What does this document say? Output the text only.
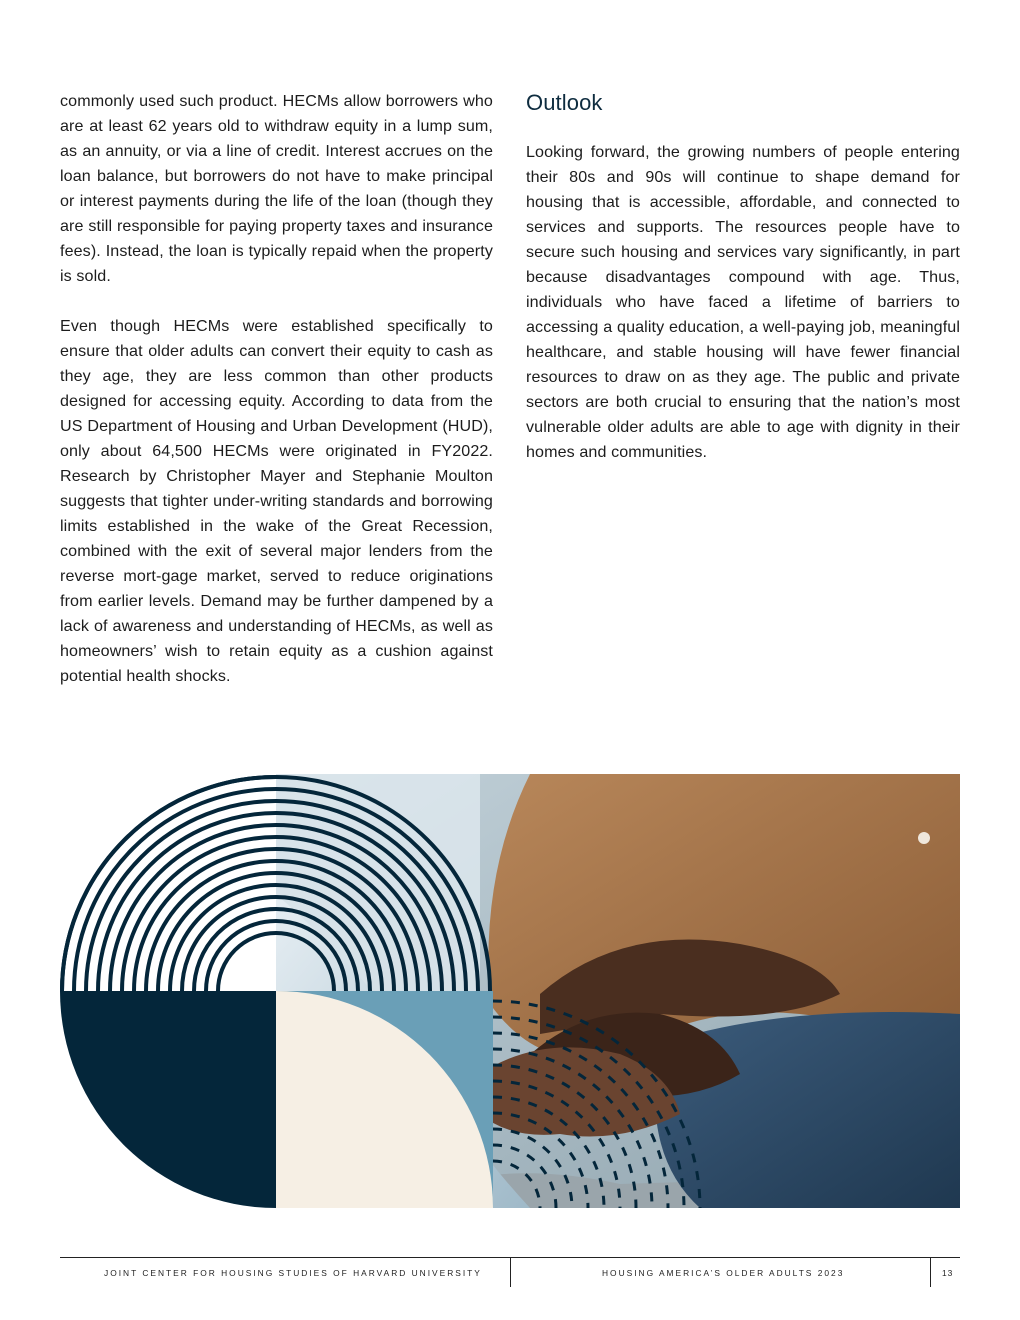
commonly used such product. HECMs allow borrowers who are at least 62 years old to withdraw equity in a lump sum, as an annuity, or via a line of credit. Interest accrues on the loan balance, but borrowers do not have to make principal or interest payments during the life of the loan (though they are still responsible for paying property taxes and insurance fees). Instead, the loan is typically repaid when the property is sold.

Even though HECMs were established specifically to ensure that older adults can convert their equity to cash as they age, they are less common than other products designed for accessing equity. According to data from the US Department of Housing and Urban Development (HUD), only about 64,500 HECMs were originated in FY2022. Research by Christopher Mayer and Stephanie Moulton suggests that tighter under-writing standards and borrowing limits established in the wake of the Great Recession, combined with the exit of several major lenders from the reverse mort-gage market, served to reduce originations from earlier levels. Demand may be further dampened by a lack of awareness and understanding of HECMs, as well as homeowners’ wish to retain equity as a cushion against potential health shocks.

Outlook

Looking forward, the growing numbers of people entering their 80s and 90s will continue to shape demand for housing that is accessible, affordable, and connected to services and supports. The resources people have to secure such housing and services vary significantly, in part because disadvantages compound with age. Thus, individuals who have faced a lifetime of barriers to accessing a quality education, a well-paying job, meaningful healthcare, and stable housing will have fewer financial resources to draw on as they age. The public and private sectors are both crucial to ensuring that the nation’s most vulnerable older adults are able to age with dignity in their homes and communities.

JOINT CENTER FOR HOUSING STUDIES OF HARVARD UNIVERSITY	HOUSING AMERICA’S OLDER ADULTS 2023	13
